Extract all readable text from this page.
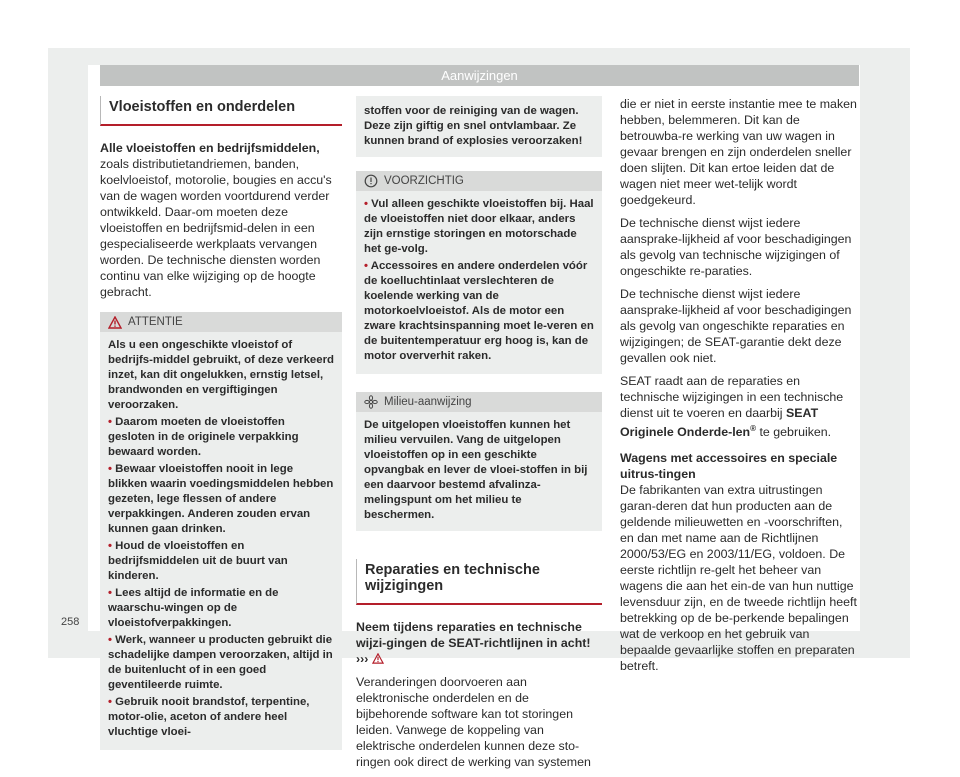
Aanwijzingen
Vloeistoffen en onderdelen

Alle vloeistoffen en bedrijfsmiddelen, zoals distributietandriemen, banden, koelvloeistof, motorolie, bougies en accu's van de wagen worden voortdurend verder ontwikkeld. Daar-om moeten deze vloeistoffen en bedrijfsmid-delen in een gespecialiseerde werkplaats vervangen worden. De technische diensten worden continu van elke wijziging op de hoogte gebracht.

ATTENTIE

Als u een ongeschikte vloeistof of bedrijfs-middel gebruikt, of deze verkeerd inzet, kan dit ongelukken, ernstig letsel, brandwonden en vergiftigingen veroorzaken.

• Daarom moeten de vloeistoffen gesloten in de originele verpakking bewaard worden.

• Bewaar vloeistoffen nooit in lege blikken waarin voedingsmiddelen hebben gezeten, lege flessen of andere verpakkingen. Anderen zouden ervan kunnen gaan drinken.

• Houd de vloeistoffen en bedrijfsmiddelen uit de buurt van kinderen.

• Lees altijd de informatie en de waarschu-wingen op de vloeistofverpakkingen.

• Werk, wanneer u producten gebruikt die schadelijke dampen veroorzaken, altijd in de buitenlucht of in een goed geventileerde ruimte.

• Gebruik nooit brandstof, terpentine, motor-olie, aceton of andere heel vluchtige vloei-

stoffen voor de reiniging van de wagen. Deze zijn giftig en snel ontvlambaar. Ze kunnen brand of explosies veroorzaken!
VOORZICHTIG

• Vul alleen geschikte vloeistoffen bij. Haal de vloeistoffen niet door elkaar, anders zijn ernstige storingen en motorschade het ge-volg.

• Accessoires en andere onderdelen vóór de koelluchtinlaat verslechteren de koelende werking van de motorkoelvloeistof. Als de motor een zware krachtsinspanning moet le-veren en de buitentemperatuur erg hoog is, kan de motor oververhit raken.

Milieu-aanwijzing
De uitgelopen vloeistoffen kunnen het milieu vervuilen. Vang de uitgelopen vloeistoffen op in een geschikte opvangbak en lever de vloei-stoffen in bij een daarvoor bestemd afvalinza-melingspunt om het milieu te beschermen.
Reparaties en technische wijzigingen

Neem tijdens reparaties en technische wijzi-gingen de SEAT-richtlijnen in acht! ›››

Veranderingen doorvoeren aan elektronische onderdelen en de bijbehorende software kan tot storingen leiden. Vanwege de koppeling van elektrische onderdelen kunnen deze sto-ringen ook direct de werking van systemen

die er niet in eerste instantie mee te maken hebben, belemmeren. Dit kan de betrouwba-re werking van uw wagen in gevaar brengen en zijn onderdelen sneller doen slijten. Dit kan ertoe leiden dat de wagen niet meer wet-telijk wordt goedgekeurd.

De technische dienst wijst iedere aansprake-lijkheid af voor beschadigingen als gevolg van technische wijzigingen of ongeschikte re-paraties.

De technische dienst wijst iedere aansprake-lijkheid af voor beschadigingen als gevolg van ongeschikte reparaties en wijzigingen; de SEAT-garantie dekt deze gevallen ook niet.

SEAT raadt aan de reparaties en technische wijzigingen in een technische dienst uit te voeren en daarbij SEAT Originele Onderde-len® te gebruiken.

Wagens met accessoires en speciale uitrus-tingen

De fabrikanten van extra uitrustingen garan-deren dat hun producten aan de geldende milieuwetten en -voorschriften, en dan met name aan de Richtlijnen 2000/53/EG en 2003/11/EG, voldoen. De eerste richtlijn re-gelt het beheer van wagens die aan het ein-de van hun nuttige levensduur zijn, en de tweede richtlijn heeft betrekking op de be-perkende bepalingen wat de verkoop en het gebruik van bepaalde gevaarlijke stoffen en preparaten betreft.

258
